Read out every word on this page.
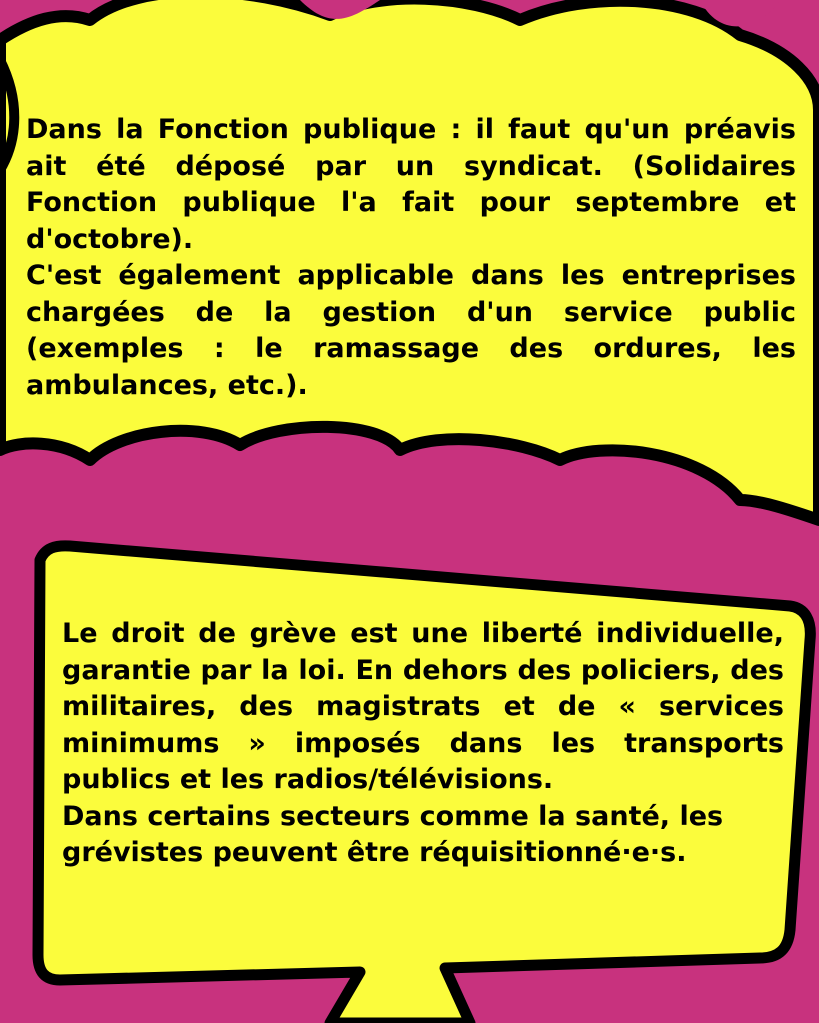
Dans la Fonction publique : il faut qu'un préavis ait été déposé par un syndicat. (Solidaires Fonction publique l'a fait pour septembre et d'octobre).

C'est également applicable dans les entreprises chargées de la gestion d'un service public (exemples : le ramassage des ordures, les ambulances, etc.).

Le droit de grève est une liberté individuelle, garantie par la loi. En dehors des policiers, des militaires, des magistrats et de « services minimums » imposés dans les transports publics et les radios/télévisions.

Dans certains secteurs comme la santé, les grévistes peuvent être réquisitionné·e·s.
